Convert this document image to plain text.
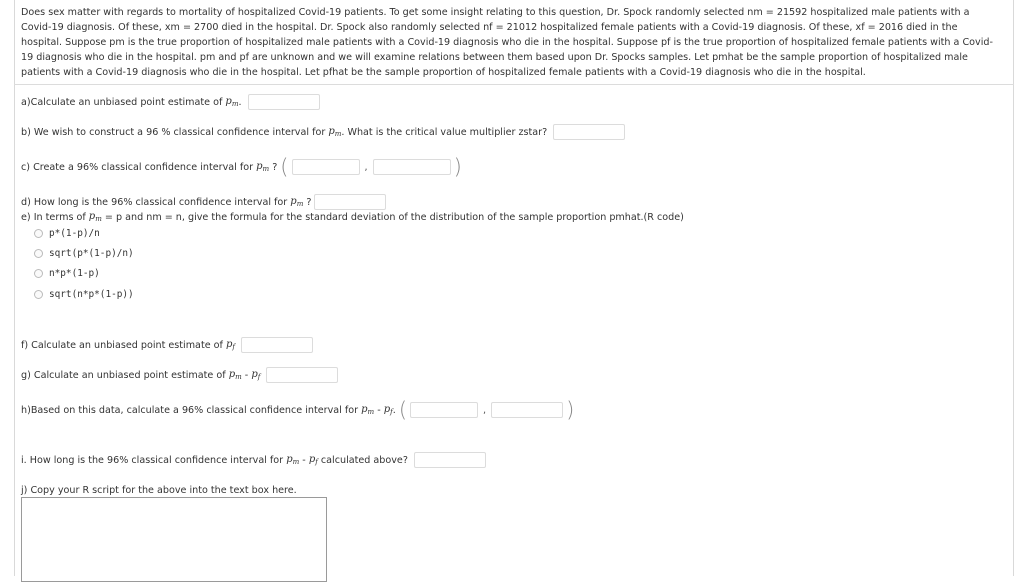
Does sex matter with regards to mortality of hospitalized Covid-19 patients. To get some insight relating to this question, Dr. Spock randomly selected nm = 21592 hospitalized male patients with a Covid-19 diagnosis. Of these, xm = 2700 died in the hospital. Dr. Spock also randomly selected nf = 21012 hospitalized female patients with a Covid-19 diagnosis. Of these, xf = 2016 died in the hospital. Suppose pm is the true proportion of hospitalized male patients with a Covid-19 diagnosis who die in the hospital. Suppose pf is the true proportion of hospitalized female patients with a Covid-19 diagnosis who die in the hospital. pm and pf are unknown and we will examine relations between them based upon Dr. Spocks samples. Let pmhat be the sample proportion of hospitalized male patients with a Covid-19 diagnosis who die in the hospital. Let pfhat be the sample proportion of hospitalized female patients with a Covid-19 diagnosis who die in the hospital.
a)Calculate an unbiased point estimate of
$p_m$ .
b) We wish to construct a 96 % classical confidence interval for
$p_m$ . What is the critical value multiplier zstar?
c) Create a 96% classical confidence interval for
$p_m$
? (	,	)
d) How long is the 96% classical confidence interval for
$p_m$
?
e) In terms of
$p_m$
= p and nm = n, give the formula for the standard deviation of the distribution of the sample proportion pmhat.(R code)
p*(1-p)/n
sqrt(p*(1-p)/n)
n*p*(1-p)
sqrt(n*p*(1-p))
f) Calculate an unbiased point estimate of
$p_f$
g) Calculate an unbiased point estimate of
$p_m$
-
$p_f$
h)Based on this data, calculate a 96% classical confidence interval for
$p_m$
-
$p_f$ . (	,	)
i. How long is the 96% classical confidence interval for
$p_m$
-
$p_f$
calculated above?
j) Copy your R script for the above into the text box here.
